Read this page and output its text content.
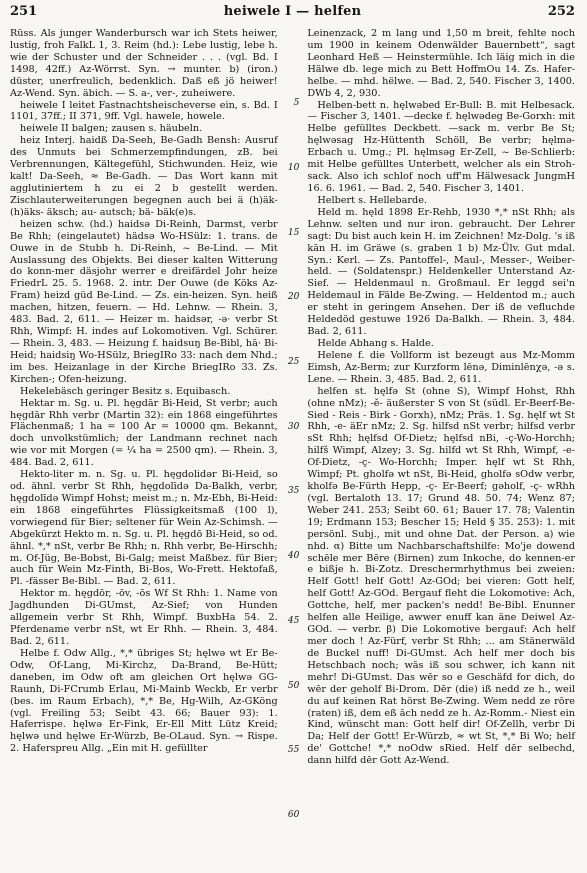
251	heiwele I — helfen	252

Rüss. Als junger Wanderbursch war ich Stets heiwer, lustig, froh FalkL 1, 3. Reim (hd.): Lebe lustig, lebe h. wie der Schuster und der Schneider . . . (vgl. Bd. I 1498, 42ff.) Az-Wörrst. Syn. → munter. b) (iron.) düster, unerfreulich, bedenklich. Daß eß jö heiwer! Az-Wend. Syn. äbich. — S. a-, ver-, zuheiwere.

heiwele I leitet Fastnachtsheischeverse ein, s. Bd. I 1101, 37ff.; II 371, 9ff. Vgl. hawele, howele.

heiwele II balgen; zausen s. häubeln.

heiz Interj. haidß Da-Seeh, Be-Gadh Bensh: Ausruf des Unmuts bei Schmerzempfindungen, zB. bei Verbrennungen, Kältegefühl, Stichwunden. Heiz, wie kalt! Da-Seeh, ≈ Be-Gadh. — Das Wort kann mit agglutiniertem h zu ei 2 b gestellt werden. Zischlauterweiterungen begegnen auch bei ä (h)äk- (h)äks- äksch; au- autsch; bä- bäk(e)s.

heizen schw. (hd.) haidsə Di-Reinh, Darmst, verbr Be Rhh; (eingelautet) hädsə Wo-HSülz: 1. trans. de Ouwe in de Stubb h. Di-Reinh, ~ Be-Lind. — Mit Auslassung des Objekts. Bei dieser kalten Witterung do konn-mer däsjohr werrer e dreifärdel Johr heize FriedrL 25. 5. 1968. 2. intr. Der Ouwe (de Köks Az-Fram) heizd güd Be-Lind. — Zs. ein-heizen. Syn. heiß machen, hitzen, feuern. — Hd. Lehnw. — Rhein. 3, 483. Bad. 2, 611. — Heizer m. haidsər, -ə· verbr St Rhh, Wimpf: H. indes auf Lokomotiven. Vgl. Schürer. — Rhein. 3, 483. — Heizung f. haidsuŋ Be-Bibl, hā· Bi-Heid; haidsiŋ Wo-HSülz, BriegIRo 33: nach dem Nhd.; im bes. Heizanlage in der Kirche BriegIRo 33. Zs. Kirchen-; Ofen-heizung.

Hekelebäsch geringer Besitz s. Equibasch.

Hektar m. Sg. u. Pl. hęgdār Bi-Heid, St verbr; auch hęgdār Rhh verbr (Martin 32): ein 1868 eingeführtes Flächenmaß; 1 ha = 100 Ar = 10000 qm. Bekannt, doch unvolkstümlich; der Landmann rechnet nach wie vor mit Morgen (= ¼ ha = 2500 qm). — Rhein. 3, 484. Bad. 2, 611.

Hekto-liter m. n. Sg. u. Pl. hęgdolidər Bi-Heid, so od. ähnl. verbr St Rhh, hęgdolīdə Da-Balkh, verbr, hęgdolīdə Wimpf Hohst; meist m.; n. Mz-Ebh, Bi-Heid: ein 1868 eingeführtes Flüssigkeitsmaß (100 l), vorwiegend für Bier; seltener für Wein Az-Schimsh. — Abgekürzt Hekto m. n. Sg. u. Pl. hęgdō Bi-Heid, so od. ähnl. *,* nSt, verbr Be Rhh; n. Rhh verbr, Be-Hirschh; m. Of-Jüg, Be-Bobst, Bi-Galg; meist Maßbez. für Bier; auch für Wein Mz-Finth, Bi-Bos, Wo-Frett. Hektofaß, Pl. -fässer Be-Bibl. — Bad. 2, 611.

Hektor m. hęgdōr, -ōv, -ōs Wf St Rhh: 1. Name von Jagdhunden Di-GUmst, Az-Sief; von Hunden allgemein verbr St Rhh, Wimpf. BuxbHa 54. 2. Pferdename verbr nSt, wt Er Rhh. — Rhein. 3, 484. Bad. 2, 611.

Helbe f. Odw Allg., *,* übriges St; hęlwə wt Er Be-Odw, Of-Lang, Mi-Kirchz, Da-Brand, Be-Hütt; daneben, im Odw oft am gleichen Ort hęlwə GG-Raunh, Di-FCrumb Erlau, Mi-Mainb Weckb, Er verbr (bes. im Raum Erbach), *,* Be, Hg-Wilh, Az-GKöng (vgl. Freiling 53; Seibt 43. 66; Bauer 93): 1. Haferrispe. hęlwə Er-Fink, Er-Ell Mitt Lütz Kreid; hęlwə und hęlwe Er-Würzb, Be-OLaud. Syn. → Rispe. 2. Haferspreu Allg. „Ein mit H. gefüllter

5
10
15
20
25
30
35
40
45
50
55
60

Leinenzack, 2 m lang und 1,50 m breit, fehlte noch um 1900 in keinem Odenwälder Bauernbett“, sagt Leonhard Heß — Heinstermühle. Ich läig mich in die Hälwe db. lege mich zu Bett HoffmOu 14. Zs. Hafer-helbe. — mhd. hëlwe. — Bad. 2, 540. Fischer 3, 1400. DWb 4, 2, 930.

Helben-bett n. hęlwəbed Er-Bull: B. mit Helbesack. — Fischer 3, 1401. —decke f. hęlwədeg Be-Gorxh: mit Helbe gefülltes Deckbett. —sack m. verbr Be St; hęlwəsag Hz-Hüttenth Schöll, Be verbr; hęlmə- Erbach u. Umg.; Pl. hęlmsəg Er-Zell, ~ Be-Schlierb: mit Helbe gefülltes Unterbett, welcher als ein Stroh-sack. Also ich schlof noch uff'm Hälwesack JungmH 16. 6. 1961. — Bad. 2, 540. Fischer 3, 1401.

Helbert s. Hellebarde.

Held m. hęld 1898 Er-Rehb, 1930 *,* nSt Rhh; als Lehnw. selten und nur iron. gebraucht. Der Lehrer sagt: Du bist auch kein H. im Zeichnen! Mz-Dolg. 's iß kān H. im Gräwe (s. graben 1 b) Mz-Ülv. Gut mdal. Syn.: Kerl. — Zs. Pantoffel-, Maul-, Messer-, Weiber-held. — (Soldatenspr.) Heldenkeller Unterstand Az-Sief. — Heldenmaul n. Großmaul. Er leggd sei'n Heldemaul in Fälde Be-Zwing. — Heldentod m.; auch er steht in geringem Ansehen. Der iß de vefluchde Heldedöd gestuwe 1926 Da-Balkh. — Rhein. 3, 484. Bad. 2, 611.

Helde Abhang s. Halde.

Helene f. die Vollform ist bezeugt aus Mz-Momm Eimsh, Az-Berm; zur Kurzform lēnə, Diminlēnχə, -ə s. Lene. — Rhein. 3, 485. Bad. 2, 611.

helfen st. hęlfə St (ohne S), Wimpf Hohst, Rhh (ohne nMz); -ě- äußerster S von St (südl. Er-Beerf-Be-Sied - Reis - Birk - Gorxh), nMz; Präs. 1. Sg. hęlf wt St Rhh, -e- äEr nMz; 2. Sg. hilfsd nSt verbr; hilfsd verbr sSt Rhh; hęlfsd Of-Dietz; hęlfsd nBi, -ç-Wo-Horchh; hilfš Wimpf, Alzey; 3. Sg. hilfd wt St Rhh, Wimpf, -e- Of-Dietz, -ç- Wo-Horchh; Imper. hęlf wt St Rhh, Wimpf; Pt. gholfə wt nSt, Bi-Heid, gholfə sOdw verbr, kholfə Be-Fürth Hepp, -ç- Er-Beerf; gəholf, -ç- wRhh (vgl. Bertaloth 13. 17; Grund 48. 50. 74; Wenz 87; Weber 241. 253; Seibt 60. 61; Bauer 17. 78; Valentin 19; Erdmann 153; Bescher 15; Held § 35. 253): 1. mit persönl. Subj., mit und ohne Dat. der Person. a) wie nhd. α) Bitte um Nachbarschaftshilfe: Mo'je dowend schēle mer Bēre (Birnen) zum Inkoche, do kennen-er e bißje h. Bi-Zotz. Dreschermrhythmus bei zweien: Helf Gott! helf Gott! Az-GOd; bei vieren: Gott helf, helf Gott! Az-GOd. Bergauf fleht die Lokomotive: Ach, Gottche, helf, mer packen's nedd! Be-Bibl. Enunner helfen alle Heilige, awwer enuff kan äne Deiwel Az-GOd. — verbr. β) Die Lokomotive bergauf: Ach helf mer doch ! Az-Fürf, verbr St Rhh; ... am Stänerwäld de Buckel nuff! Di-GUmst. Ach helf mer doch bis Hetschbach noch; wās iß sou schwer, ich kann nit mehr! Di-GUmst. Das wēr so e Geschäfd for dich, do wēr der geholf Bi-Drom. Dēr (die) iß nedd ze h., weil du auf keinen Rat hörst Be-Zwing. Wem nedd ze rōre (raten) iß, dem eß āch nedd ze h. Az-Romm.- Niest ein Kind, wünscht man: Gott helf dir! Of-Zellh, verbr Di Da; Helf der Gott! Er-Würzb, ≈ wt St, *,* Bi Wo; helf de' Gottche! *,* noOdw sRied. Helf dēr selbechd, dann hilfd dēr Gott Az-Wend.
